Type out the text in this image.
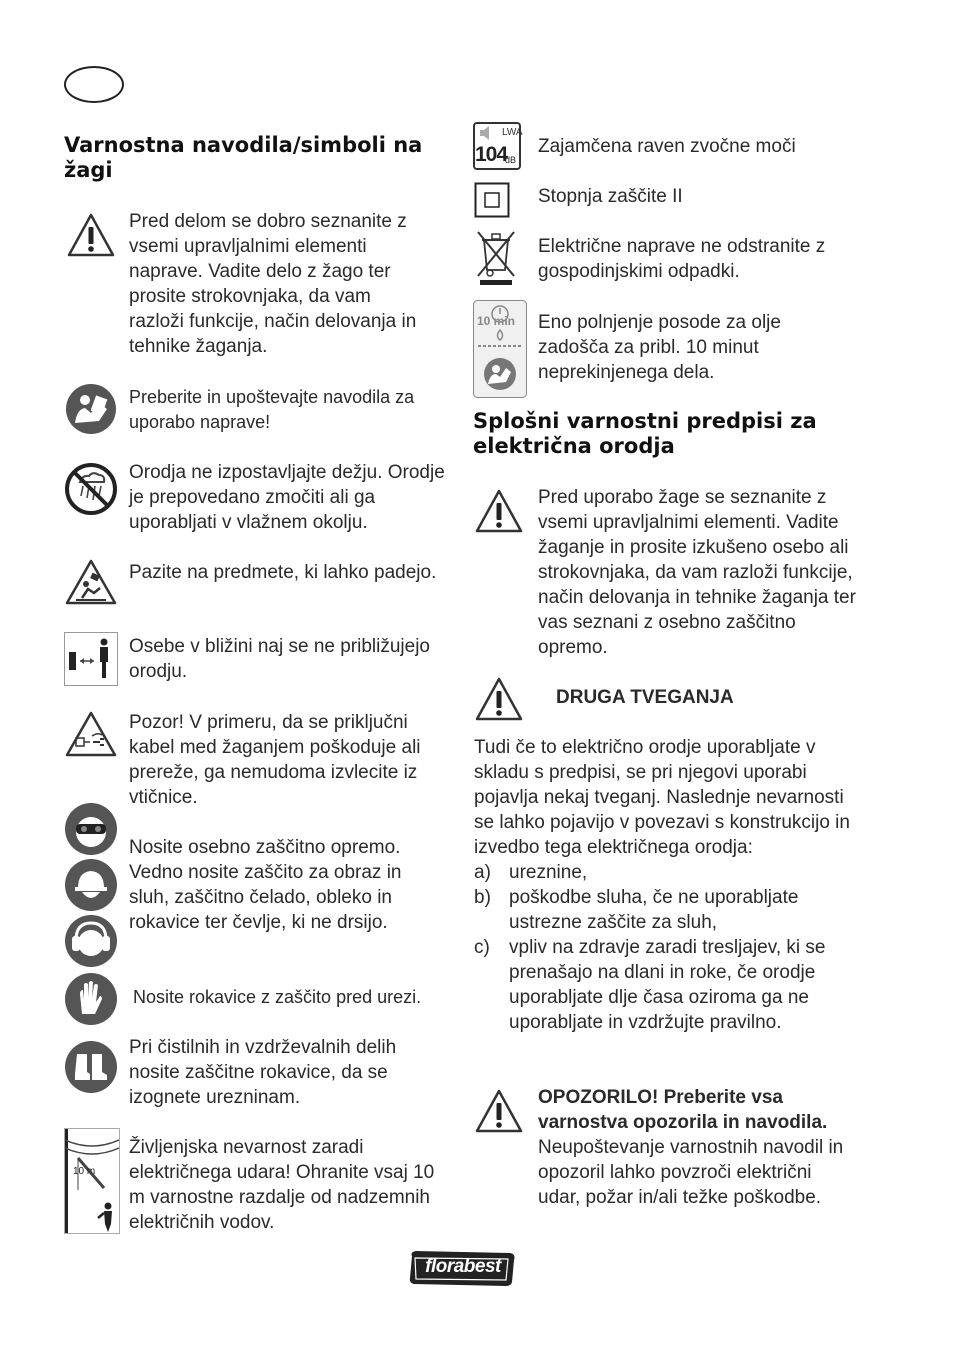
Varnostna navodila/simboli na žagi
Pred delom se dobro seznanite z vsemi upravljalnimi elementi naprave. Vadite delo z žago ter prosite strokovnjaka, da vam razloži funkcije, način delovanja in tehnike žaganja.
Preberite in upoštevajte navodila za uporabo naprave!
Orodja ne izpostavljajte dežju. Orodje je prepovedano zmočiti ali ga uporabljati v vlažnem okolju.
Pazite na predmete, ki lahko padejo.
Osebe v bližini naj se ne približujejo orodju.
Pozor! V primeru, da se priključni kabel med žaganjem poškoduje ali prereže, ga nemudoma izvlecite iz vtičnice.
Nosite osebno zaščitno opremo. Vedno nosite zaščito za obraz in sluh, zaščitno čelado, obleko in rokavice ter čevlje, ki ne drsijo.
Nosite rokavice z zaščito pred urezi.
Pri čistilnih in vzdrževalnih delih nosite zaščitne rokavice, da se izognete urezninam.
10 m
Življenjska nevarnost zaradi električnega udara! Ohranite vsaj 10 m varnostne razdalje od nadzemnih električnih vodov.
LWA
104
dB
Zajamčena raven zvočne moči
Stopnja zaščite II
Električne naprave ne odstranite z gospodinjskimi odpadki.
10 min Eno polnjenje posode za olje zadošča za pribl. 10 minut neprekinjenega dela.
Splošni varnostni predpisi za električna orodja
Pred uporabo žage se seznanite z vsemi upravljalnimi elementi. Vadite žaganje in prosite izkušeno osebo ali strokovnjaka, da vam razloži funkcije, način delovanja in tehnike žaganja ter vas seznani z osebno zaščitno opremo.
DRUGA TVEGANJA
Tudi če to električno orodje uporabljate v skladu s predpisi, se pri njegovi uporabi pojavlja nekaj tveganj. Naslednje nevarnosti se lahko pojavijo v povezavi s konstrukcijo in izvedbo tega električnega orodja:
a) ureznine,
b) poškodbe sluha, če ne uporabljate ustrezne zaščite za sluh,
c) vpliv na zdravje zaradi tresljajev, ki se prenašajo na dlani in roke, če orodje uporabljate dlje časa oziroma ga ne uporabljate in vzdržujte pravilno.
OPOZORILO! Preberite vsa varnostva opozorila in navodila. Neupoštevanje varnostnih navodil in opozoril lahko povzroči električni udar, požar in/ali težke poškodbe.
florabest
